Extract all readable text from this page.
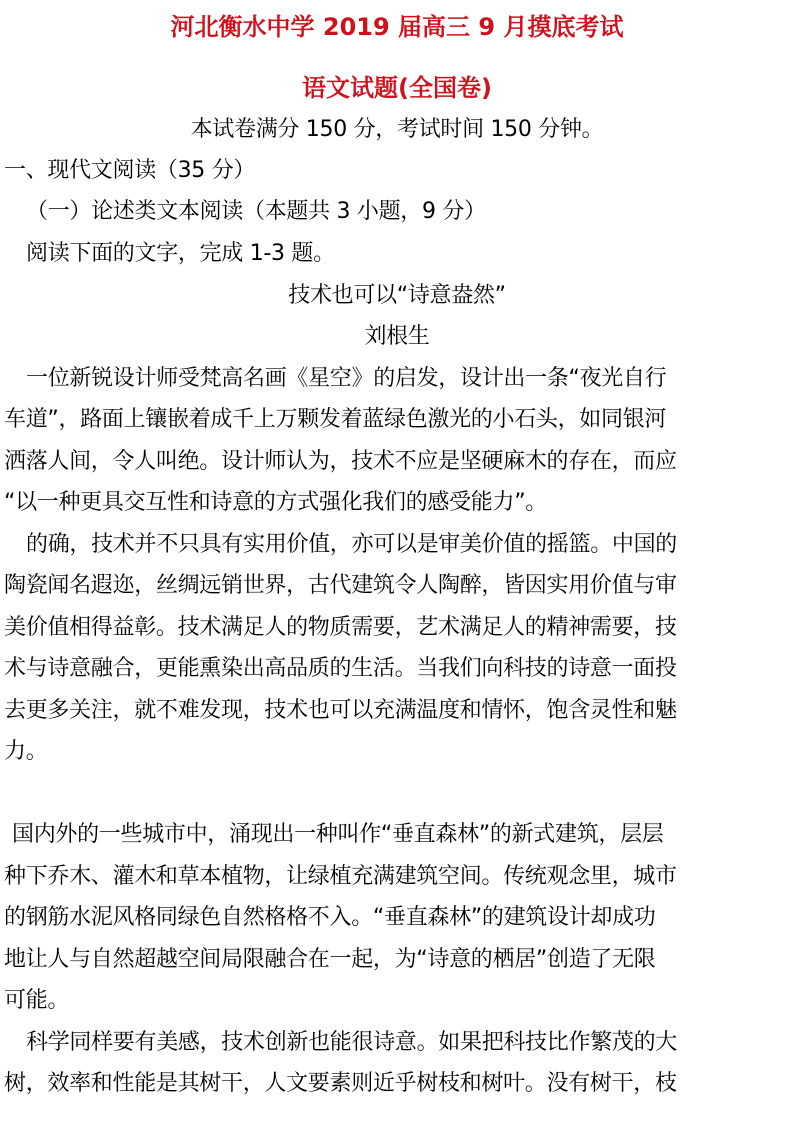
河北衡水中学 2019 届高三 9 月摸底考试
语文试题(全国卷)
本试卷满分 150 分，考试时间 150 分钟。
一、现代文阅读（35 分）
（一）论述类文本阅读（本题共 3 小题，9 分）
阅读下面的文字，完成 1-3 题。
技术也可以“诗意盎然”
刘根生
一位新锐设计师受梵高名画《星空》的启发，设计出一条“夜光自行
车道”，路面上镶嵌着成千上万颗发着蓝绿色激光的小石头，如同银河
洒落人间，令人叫绝。设计师认为，技术不应是坚硬麻木的存在，而应
“以一种更具交互性和诗意的方式强化我们的感受能力”。
的确，技术并不只具有实用价值，亦可以是审美价值的摇篮。中国的
陶瓷闻名遐迩，丝绸远销世界，古代建筑令人陶醉，皆因实用价值与审
美价值相得益彰。技术满足人的物质需要，艺术满足人的精神需要，技
术与诗意融合，更能熏染出高品质的生活。当我们向科技的诗意一面投
去更多关注，就不难发现，技术也可以充满温度和情怀，饱含灵性和魅
力。
国内外的一些城市中，涌现出一种叫作“垂直森林”的新式建筑，层层
种下乔木、灌木和草本植物，让绿植充满建筑空间。传统观念里，城市
的钢筋水泥风格同绿色自然格格不入。“垂直森林”的建筑设计却成功
地让人与自然超越空间局限融合在一起，为“诗意的栖居”创造了无限
可能。
科学同样要有美感，技术创新也能很诗意。如果把科技比作繁茂的大
树，效率和性能是其树干，人文要素则近乎树枝和树叶。没有树干，枝
